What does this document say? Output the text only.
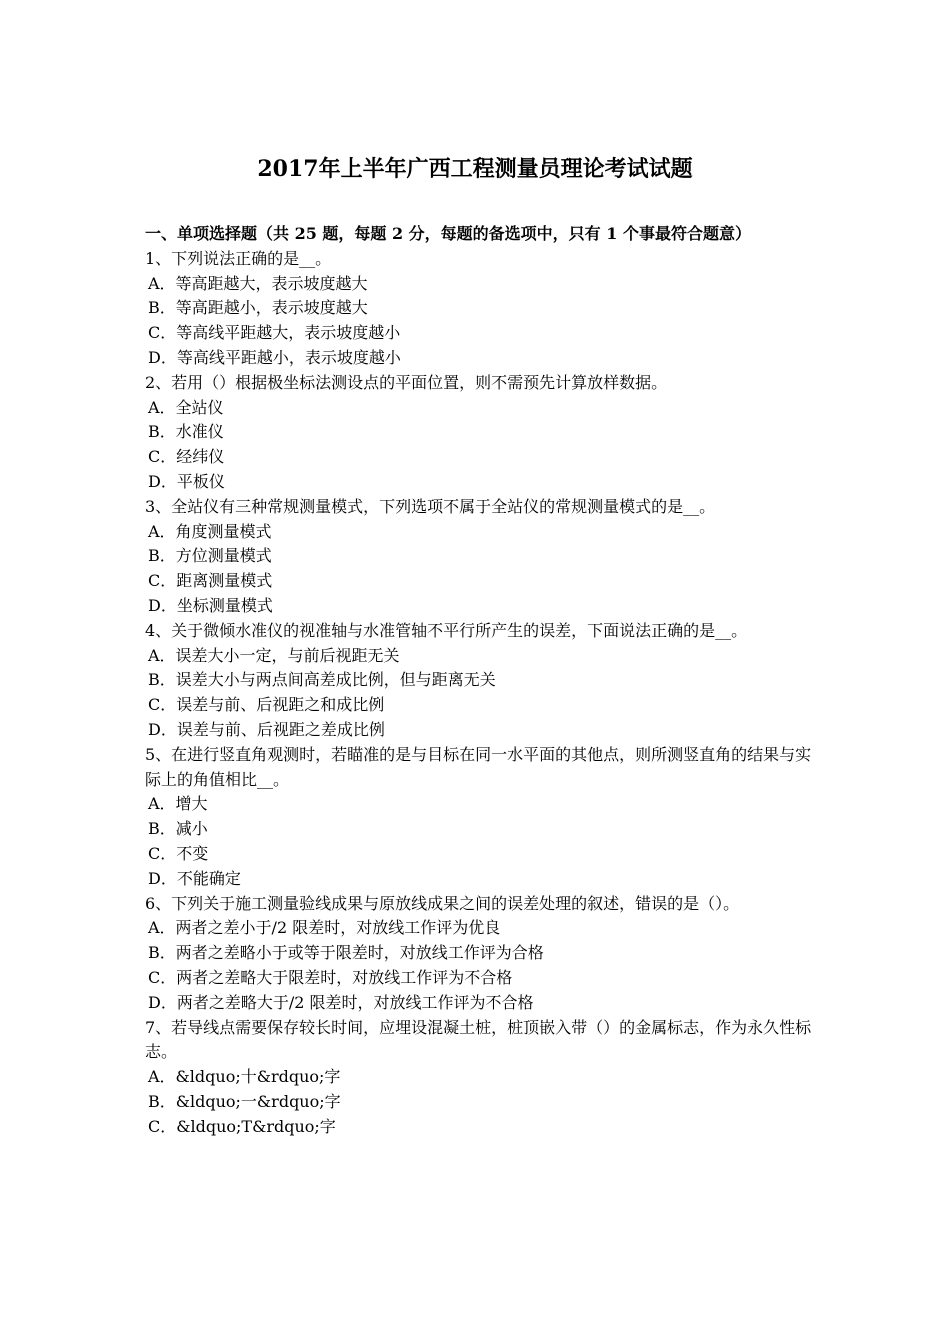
2017年上半年广西工程测量员理论考试试题

一、单项选择题（共 25 题，每题 2 分，每题的备选项中，只有 1 个事最符合题意）

1、下列说法正确的是__。

A．等高距越大，表示坡度越大

B．等高距越小，表示坡度越大

C．等高线平距越大，表示坡度越小

D．等高线平距越小，表示坡度越小

2、若用（）根据极坐标法测设点的平面位置，则不需预先计算放样数据。

A．全站仪

B．水准仪

C．经纬仪

D．平板仪

3、全站仪有三种常规测量模式，下列选项不属于全站仪的常规测量模式的是__。

A．角度测量模式

B．方位测量模式

C．距离测量模式

D．坐标测量模式

4、关于微倾水准仪的视准轴与水准管轴不平行所产生的误差，下面说法正确的是__。

A．误差大小一定，与前后视距无关

B．误差大小与两点间高差成比例，但与距离无关

C．误差与前、后视距之和成比例

D．误差与前、后视距之差成比例

5、在进行竖直角观测时，若瞄准的是与目标在同一水平面的其他点，则所测竖直角的结果与实际上的角值相比__。

A．增大

B．减小

C．不变

D．不能确定

6、下列关于施工测量验线成果与原放线成果之间的误差处理的叙述，错误的是（）。

A．两者之差小于/2 限差时，对放线工作评为优良

B．两者之差略小于或等于限差时，对放线工作评为合格

C．两者之差略大于限差时，对放线工作评为不合格

D．两者之差略大于/2 限差时，对放线工作评为不合格

7、若导线点需要保存较长时间，应埋设混凝土桩，桩顶嵌入带（）的金属标志，作为永久性标志。

A．&ldquo;十&rdquo;字

B．&ldquo;一&rdquo;字

C．&ldquo;T&rdquo;字
